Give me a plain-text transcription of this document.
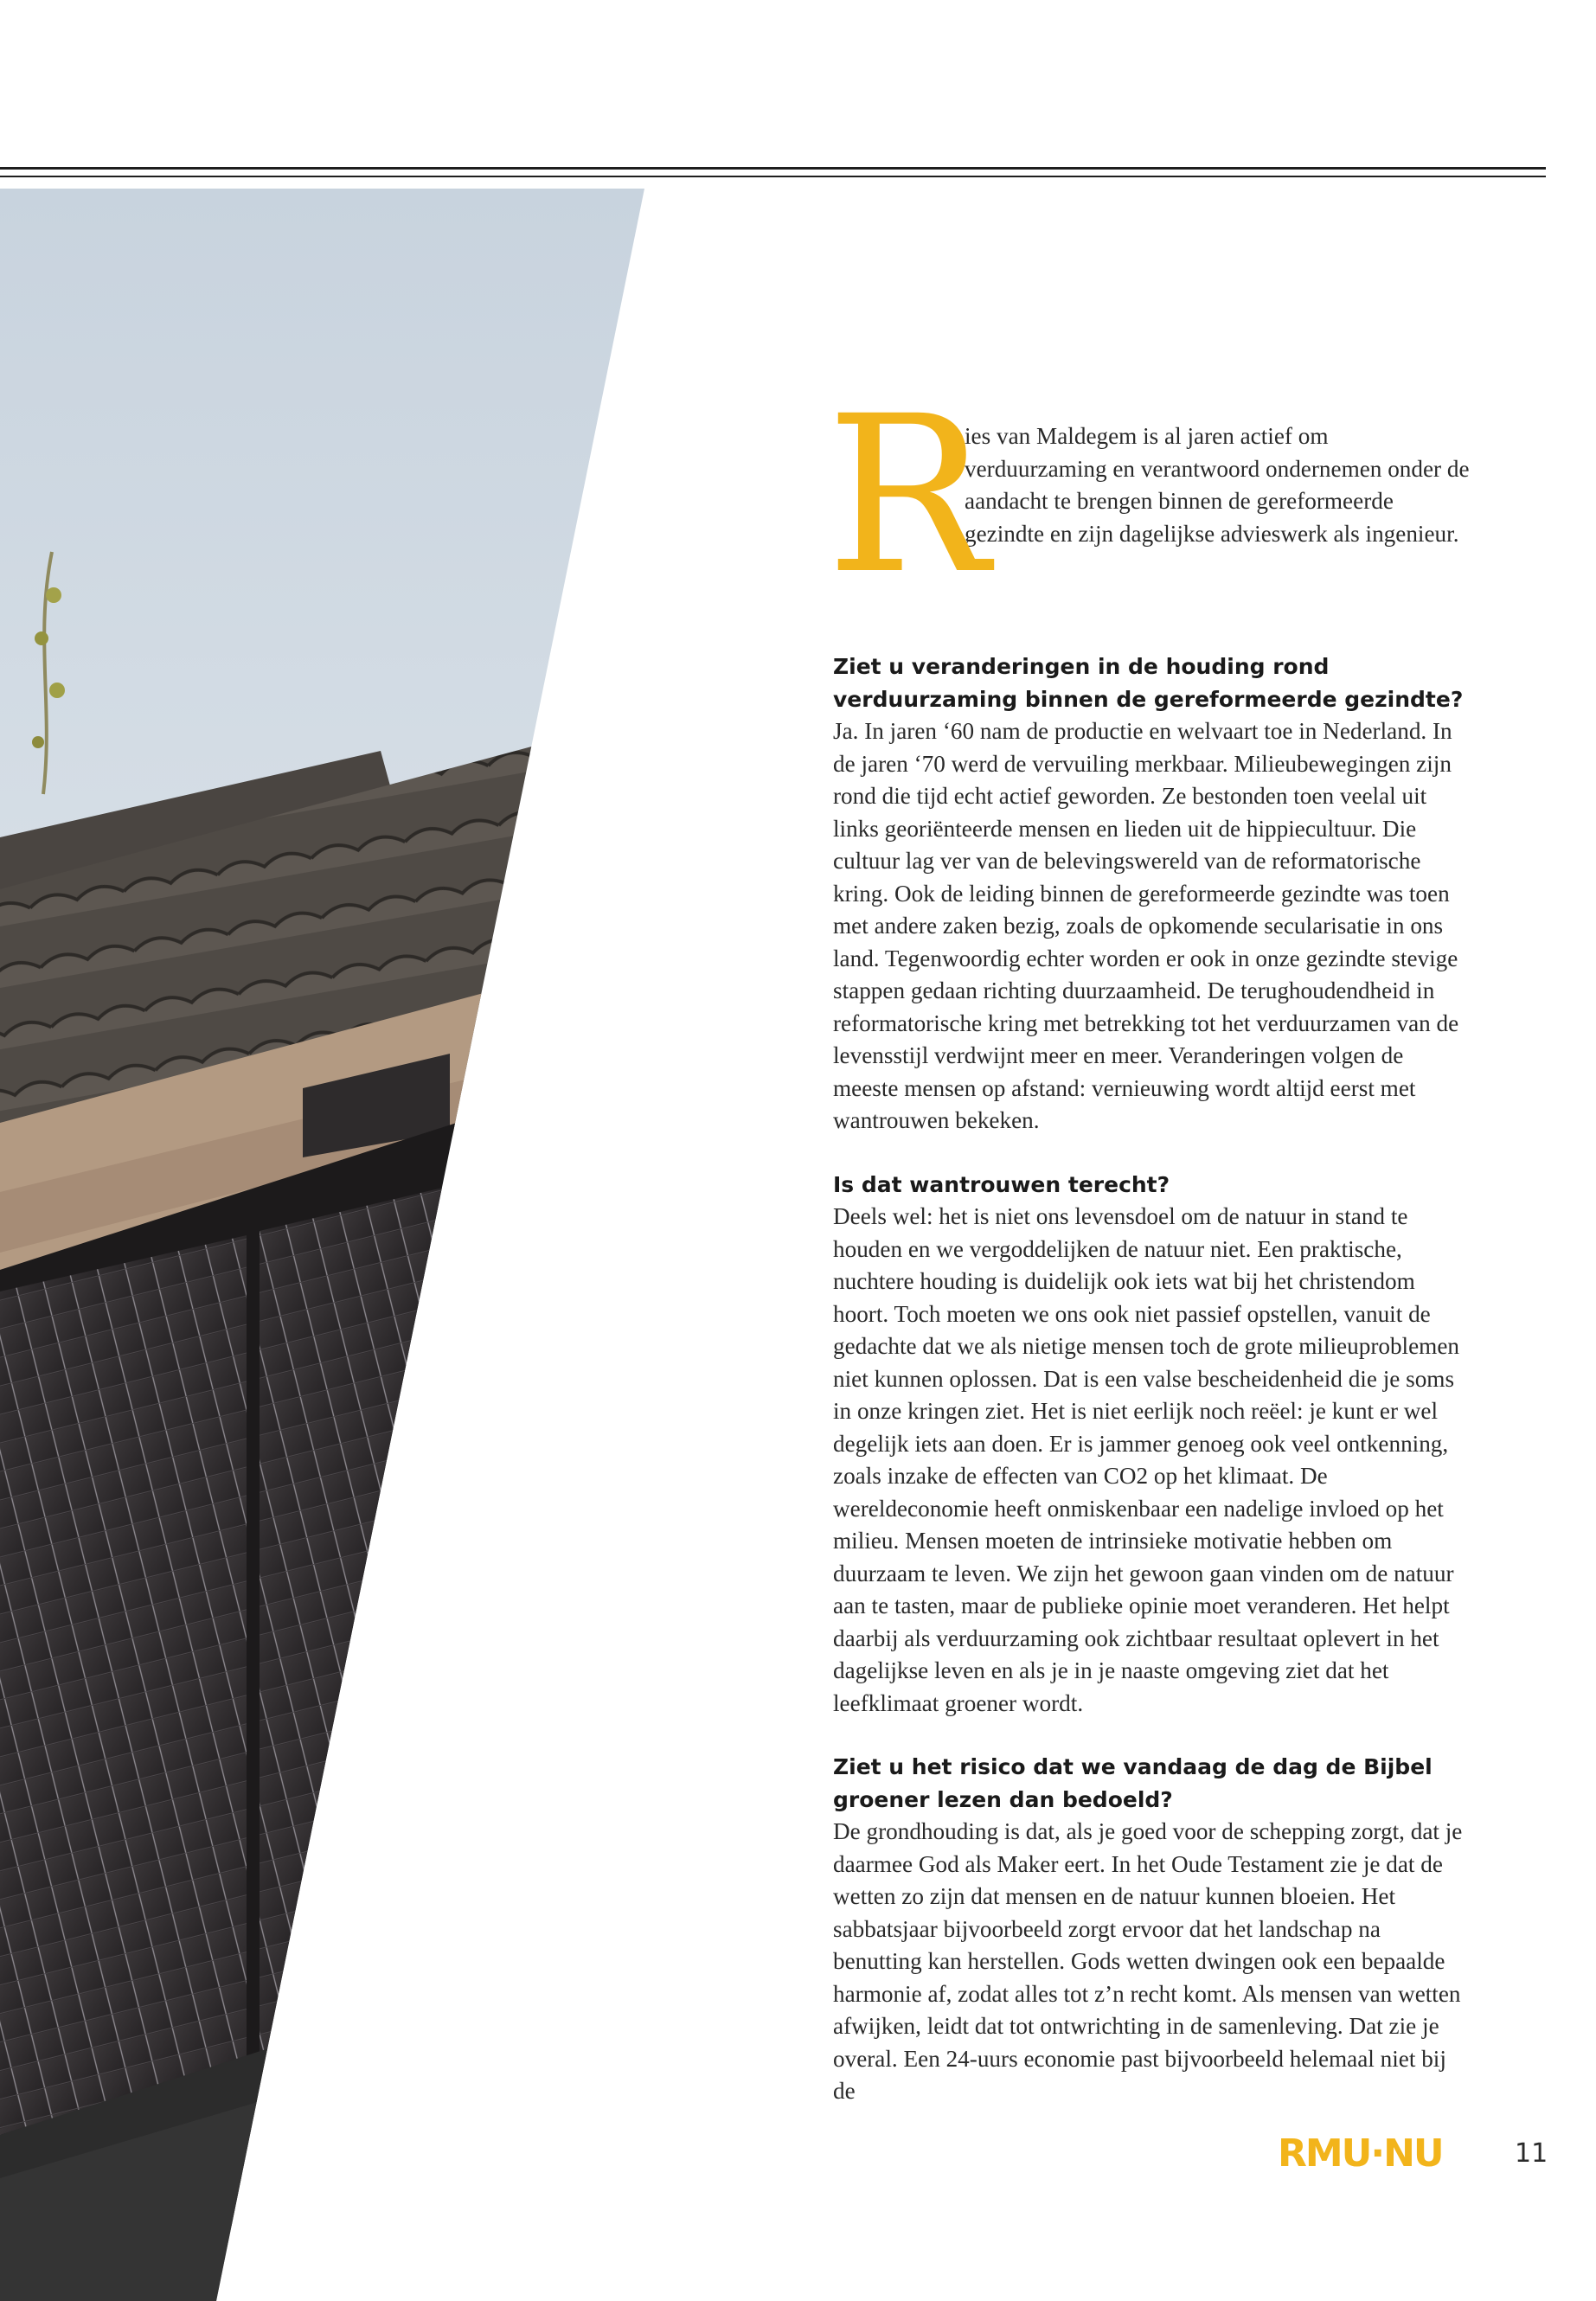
R

ies van Maldegem is al jaren actief om verduurzaming en verantwoord ondernemen onder de aandacht te brengen binnen de gereformeerde gezindte en zijn dagelijkse advieswerk als ingenieur.

Ziet u veranderingen in de houding rond verduurzaming binnen de gereformeerde gezindte?

Ja. In jaren ‘60 nam de productie en welvaart toe in Nederland. In de jaren ‘70 werd de vervuiling merkbaar. Milieubewegingen zijn rond die tijd echt actief geworden. Ze bestonden toen veelal uit links georiënteerde mensen en lieden uit de hippiecultuur. Die cultuur lag ver van de belevingswereld van de reformatorische kring. Ook de leiding binnen de gereformeerde gezindte was toen met andere zaken bezig, zoals de opkomende secularisatie in ons land. Tegenwoordig echter worden er ook in onze gezindte stevige stappen gedaan richting duurzaamheid. De terughoudendheid in reformatorische kring met betrekking tot het verduurzamen van de levensstijl verdwijnt meer en meer. Veranderingen volgen de meeste mensen op afstand: vernieuwing wordt altijd eerst met wantrouwen bekeken.

Is dat wantrouwen terecht?

Deels wel: het is niet ons levensdoel om de natuur in stand te houden en we vergoddelijken de natuur niet. Een praktische, nuchtere houding is duidelijk ook iets wat bij het christendom hoort. Toch moeten we ons ook niet passief opstellen, vanuit de gedachte dat we als nietige mensen toch de grote milieuproblemen niet kunnen oplossen. Dat is een valse bescheidenheid die je soms in onze kringen ziet. Het is niet eerlijk noch reëel: je kunt er wel degelijk iets aan doen. Er is jammer genoeg ook veel ontkenning, zoals inzake de effecten van CO2 op het klimaat. De wereldeconomie heeft onmiskenbaar een nadelige invloed op het milieu. Mensen moeten de intrinsieke motivatie hebben om duurzaam te leven. We zijn het gewoon gaan vinden om de natuur aan te tasten, maar de publieke opinie moet veranderen. Het helpt daarbij als verduurzaming ook zichtbaar resultaat oplevert in het dagelijkse leven en als je in je naaste omgeving ziet dat het leefklimaat groener wordt.

Ziet u het risico dat we vandaag de dag de Bijbel groener lezen dan bedoeld?

De grondhouding is dat, als je goed voor de schepping zorgt, dat je daarmee God als Maker eert. In het Oude Testament zie je dat de wetten zo zijn dat mensen en de natuur kunnen bloeien. Het sabbatsjaar bijvoorbeeld zorgt ervoor dat het landschap na benutting kan herstellen. Gods wetten dwingen ook een bepaalde harmonie af, zodat alles tot z’n recht komt. Als mensen van wetten afwijken, leidt dat tot ontwrichting in de samenleving. Dat zie je overal. Een 24-uurs economie past bijvoorbeeld helemaal niet bij de

RMU·NU	11
